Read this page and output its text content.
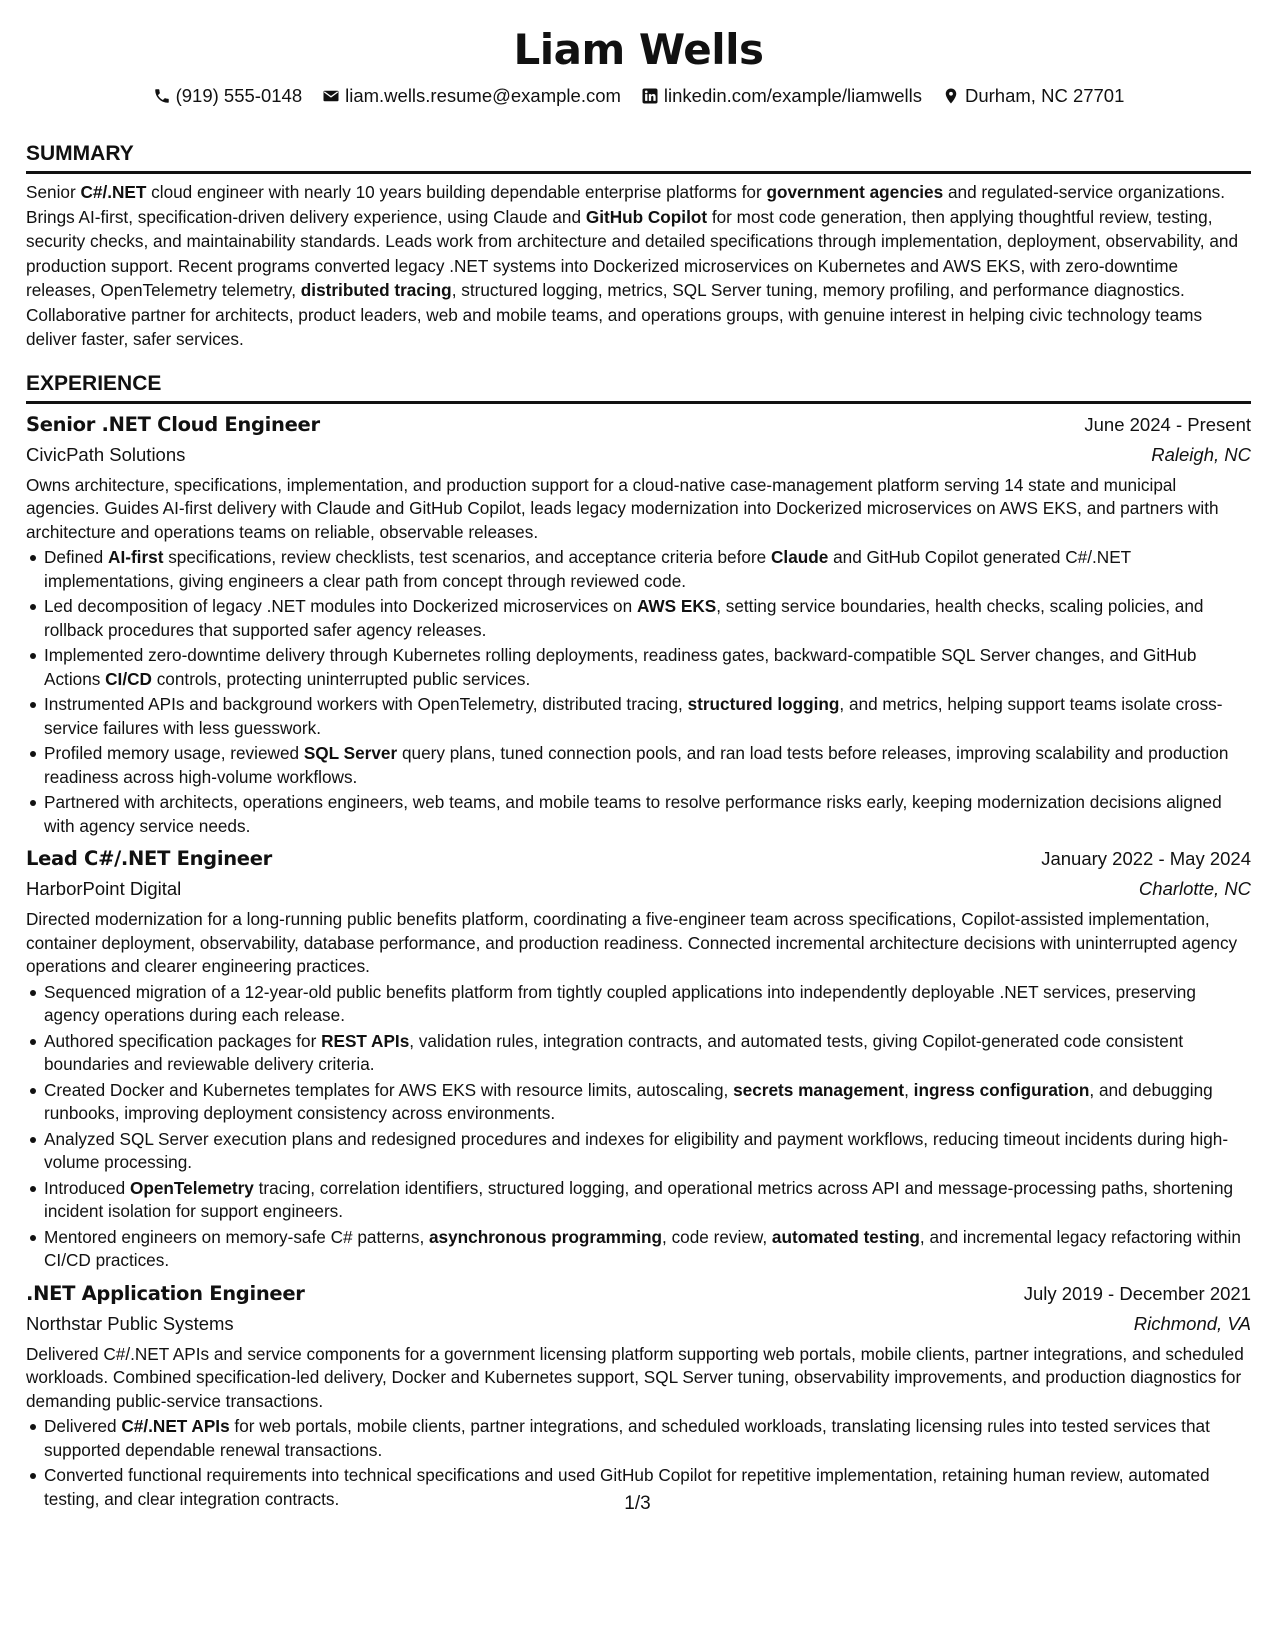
Liam Wells
(919) 555-0148 liam.wells.resume@example.com linkedin.com/example/liamwells Durham, NC 27701
SUMMARY
Senior C#/.NET cloud engineer with nearly 10 years building dependable enterprise platforms for government agencies and regulated-service organizations. Brings AI-first, specification-driven delivery experience, using Claude and GitHub Copilot for most code generation, then applying thoughtful review, testing, security checks, and maintainability standards. Leads work from architecture and detailed specifications through implementation, deployment, observability, and production support. Recent programs converted legacy .NET systems into Dockerized microservices on Kubernetes and AWS EKS, with zero-downtime releases, OpenTelemetry telemetry, distributed tracing, structured logging, metrics, SQL Server tuning, memory profiling, and performance diagnostics. Collaborative partner for architects, product leaders, web and mobile teams, and operations groups, with genuine interest in helping civic technology teams deliver faster, safer services.
EXPERIENCE
Senior .NET Cloud Engineer	June 2024 - Present
CivicPath Solutions	Raleigh, NC
Owns architecture, specifications, implementation, and production support for a cloud-native case-management platform serving 14 state and municipal agencies. Guides AI-first delivery with Claude and GitHub Copilot, leads legacy modernization into Dockerized microservices on AWS EKS, and partners with architecture and operations teams on reliable, observable releases.
Defined AI-first specifications, review checklists, test scenarios, and acceptance criteria before Claude and GitHub Copilot generated C#/.NET implementations, giving engineers a clear path from concept through reviewed code.
Led decomposition of legacy .NET modules into Dockerized microservices on AWS EKS, setting service boundaries, health checks, scaling policies, and rollback procedures that supported safer agency releases.
Implemented zero-downtime delivery through Kubernetes rolling deployments, readiness gates, backward-compatible SQL Server changes, and GitHub Actions CI/CD controls, protecting uninterrupted public services.
Instrumented APIs and background workers with OpenTelemetry, distributed tracing, structured logging, and metrics, helping support teams isolate cross-service failures with less guesswork.
Profiled memory usage, reviewed SQL Server query plans, tuned connection pools, and ran load tests before releases, improving scalability and production readiness across high-volume workflows.
Partnered with architects, operations engineers, web teams, and mobile teams to resolve performance risks early, keeping modernization decisions aligned with agency service needs.
Lead C#/.NET Engineer	January 2022 - May 2024
HarborPoint Digital	Charlotte, NC
Directed modernization for a long-running public benefits platform, coordinating a five-engineer team across specifications, Copilot-assisted implementation, container deployment, observability, database performance, and production readiness. Connected incremental architecture decisions with uninterrupted agency operations and clearer engineering practices.
Sequenced migration of a 12-year-old public benefits platform from tightly coupled applications into independently deployable .NET services, preserving agency operations during each release.
Authored specification packages for REST APIs, validation rules, integration contracts, and automated tests, giving Copilot-generated code consistent boundaries and reviewable delivery criteria.
Created Docker and Kubernetes templates for AWS EKS with resource limits, autoscaling, secrets management, ingress configuration, and debugging runbooks, improving deployment consistency across environments.
Analyzed SQL Server execution plans and redesigned procedures and indexes for eligibility and payment workflows, reducing timeout incidents during high-volume processing.
Introduced OpenTelemetry tracing, correlation identifiers, structured logging, and operational metrics across API and message-processing paths, shortening incident isolation for support engineers.
Mentored engineers on memory-safe C# patterns, asynchronous programming, code review, automated testing, and incremental legacy refactoring within CI/CD practices.
.NET Application Engineer	July 2019 - December 2021
Northstar Public Systems	Richmond, VA
Delivered C#/.NET APIs and service components for a government licensing platform supporting web portals, mobile clients, partner integrations, and scheduled workloads. Combined specification-led delivery, Docker and Kubernetes support, SQL Server tuning, observability improvements, and production diagnostics for demanding public-service transactions.
Delivered C#/.NET APIs for web portals, mobile clients, partner integrations, and scheduled workloads, translating licensing rules into tested services that supported dependable renewal transactions.
Converted functional requirements into technical specifications and used GitHub Copilot for repetitive implementation, retaining human review, automated testing, and clear integration contracts.	1/3
